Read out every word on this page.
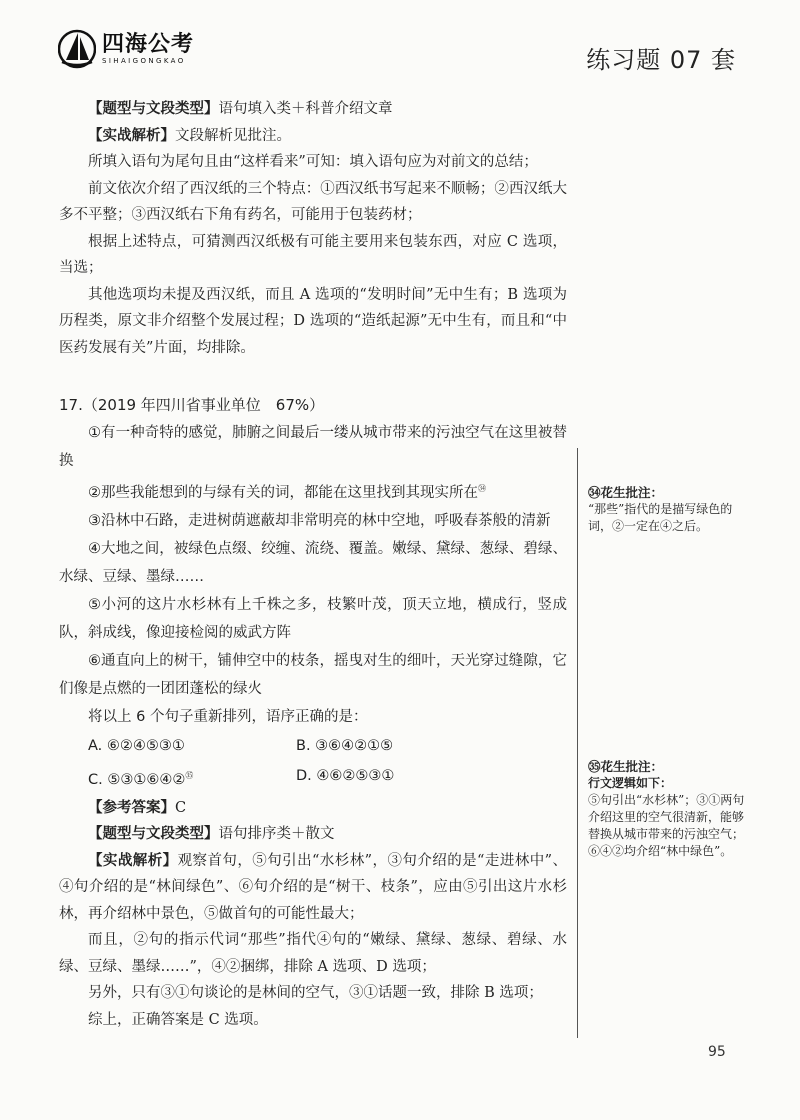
四海公考
SIHAIGONGKAO	练习题 07 套

【题型与文段类型】语句填入类＋科普介绍文章

【实战解析】文段解析见批注。

所填入语句为尾句且由“这样看来”可知：填入语句应为对前文的总结；

前文依次介绍了西汉纸的三个特点：①西汉纸书写起来不顺畅；②西汉纸大多不平整；③西汉纸右下角有药名，可能用于包装药材；

根据上述特点，可猜测西汉纸极有可能主要用来包装东西，对应 C 选项，当选；

其他选项均未提及西汉纸，而且 A 选项的“发明时间”无中生有；B 选项为历程类，原文非介绍整个发展过程；D 选项的“造纸起源”无中生有，而且和“中医药发展有关”片面，均排除。

17.（2019 年四川省事业单位　67%）

①有一种奇特的感觉，肺腑之间最后一缕从城市带来的污浊空气在这里被替换

②那些我能想到的与绿有关的词，都能在这里找到其现实所在$^㉞$

③沿林中石路，走进树荫遮蔽却非常明亮的林中空地，呼吸春茶般的清新

④大地之间，被绿色点缀、绞缠、流绕、覆盖。嫩绿、黛绿、葱绿、碧绿、水绿、豆绿、墨绿……

⑤小河的这片水杉林有上千株之多，枝繁叶茂，顶天立地，横成行，竖成队，斜成线，像迎接检阅的威武方阵

⑥通直向上的树干，铺伸空中的枝条，摇曳对生的细叶，天光穿过缝隙，它们像是点燃的一团团蓬松的绿火

将以上 6 个句子重新排列，语序正确的是：

A. ⑥②④⑤③①	B. ③⑥④②①⑤
C. ⑤③①⑥④②$^㉟$	D. ④⑥②⑤③①

【参考答案】C

【题型与文段类型】语句排序类＋散文

【实战解析】观察首句，⑤句引出“水杉林”，③句介绍的是“走进林中”、④句介绍的是“林间绿色”、⑥句介绍的是“树干、枝条”，应由⑤引出这片水杉林，再介绍林中景色，⑤做首句的可能性最大；

而且，②句的指示代词“那些”指代④句的“嫩绿、黛绿、葱绿、碧绿、水绿、豆绿、墨绿……”，④②捆绑，排除 A 选项、D 选项；

另外，只有③①句谈论的是林间的空气，③①话题一致，排除 B 选项；

综上，正确答案是 C 选项。

㉞花生批注：
“那些”指代的是描写绿色的词，②一定在④之后。
㉟花生批注：
行文逻辑如下：
⑤句引出“水杉林”；③①两句介绍这里的空气很清新，能够替换从城市带来的污浊空气；⑥④②均介绍“林中绿色”。
95
